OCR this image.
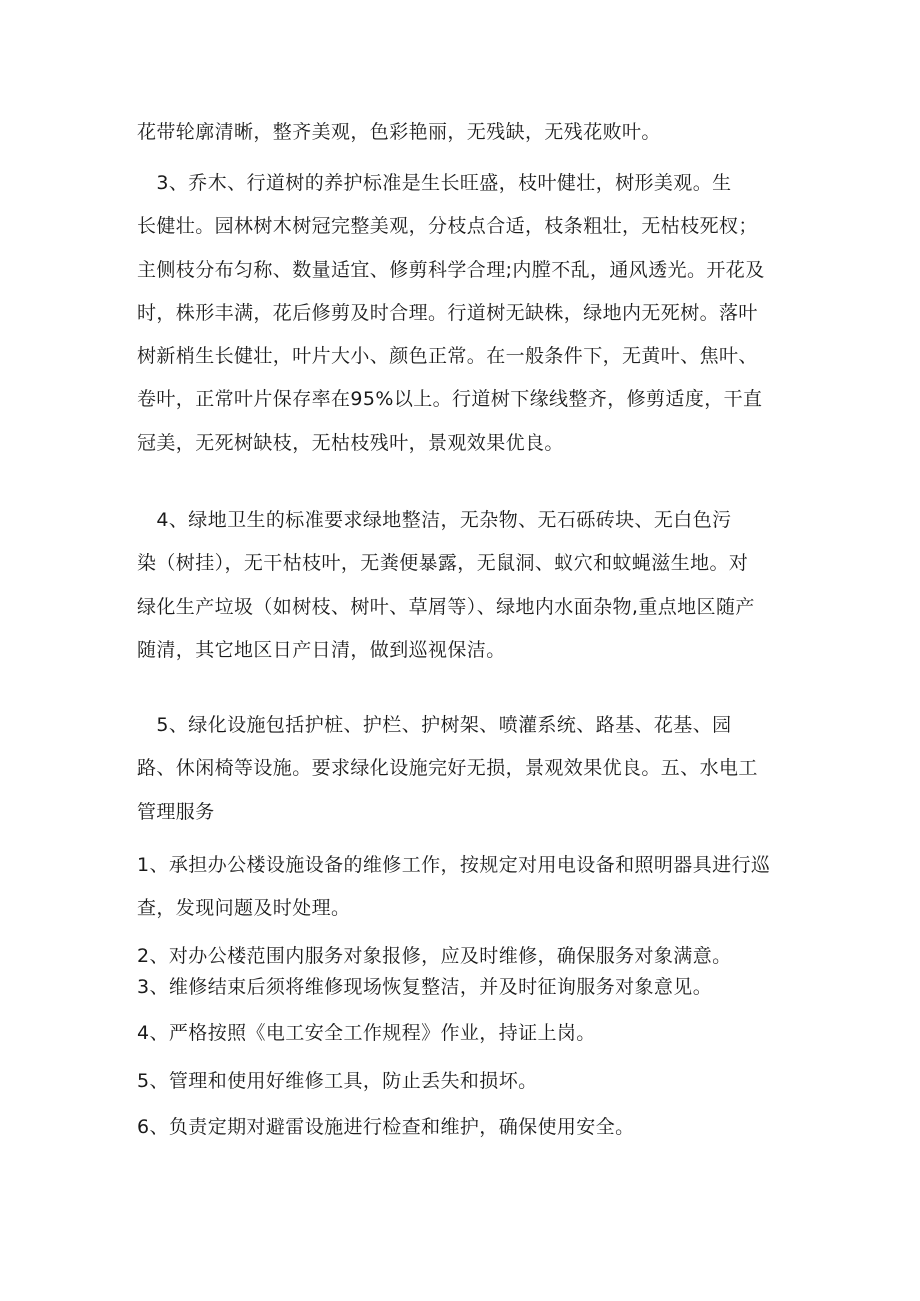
花带轮廓清晰，整齐美观，色彩艳丽，无残缺，无残花败叶。
　3、乔木、行道树的养护标准是生长旺盛，枝叶健壮，树形美观。生
长健壮。园林树木树冠完整美观，分枝点合适，枝条粗壮，无枯枝死杈；
主侧枝分布匀称、数量适宜、修剪科学合理;内膛不乱，通风透光。开花及
时，株形丰满，花后修剪及时合理。行道树无缺株，绿地内无死树。落叶
树新梢生长健壮，叶片大小、颜色正常。在一般条件下，无黄叶、焦叶、
卷叶，正常叶片保存率在95%以上。行道树下缘线整齐，修剪适度，干直
冠美，无死树缺枝，无枯枝残叶，景观效果优良。
　4、绿地卫生的标准要求绿地整洁，无杂物、无石砾砖块、无白色污
染（树挂），无干枯枝叶，无粪便暴露，无鼠洞、蚁穴和蚊蝇滋生地。对
绿化生产垃圾（如树枝、树叶、草屑等）、绿地内水面杂物,重点地区随产
随清，其它地区日产日清，做到巡视保洁。
　5、绿化设施包括护桩、护栏、护树架、喷灌系统、路基、花基、园
路、休闲椅等设施。要求绿化设施完好无损，景观效果优良。五、水电工
管理服务
1、承担办公楼设施设备的维修工作，按规定对用电设备和照明器具进行巡
查，发现问题及时处理。
2、对办公楼范围内服务对象报修，应及时维修，确保服务对象满意。
3、维修结束后须将维修现场恢复整洁，并及时征询服务对象意见。
4、严格按照《电工安全工作规程》作业，持证上岗。
5、管理和使用好维修工具，防止丢失和损坏。
6、负责定期对避雷设施进行检查和维护，确保使用安全。
